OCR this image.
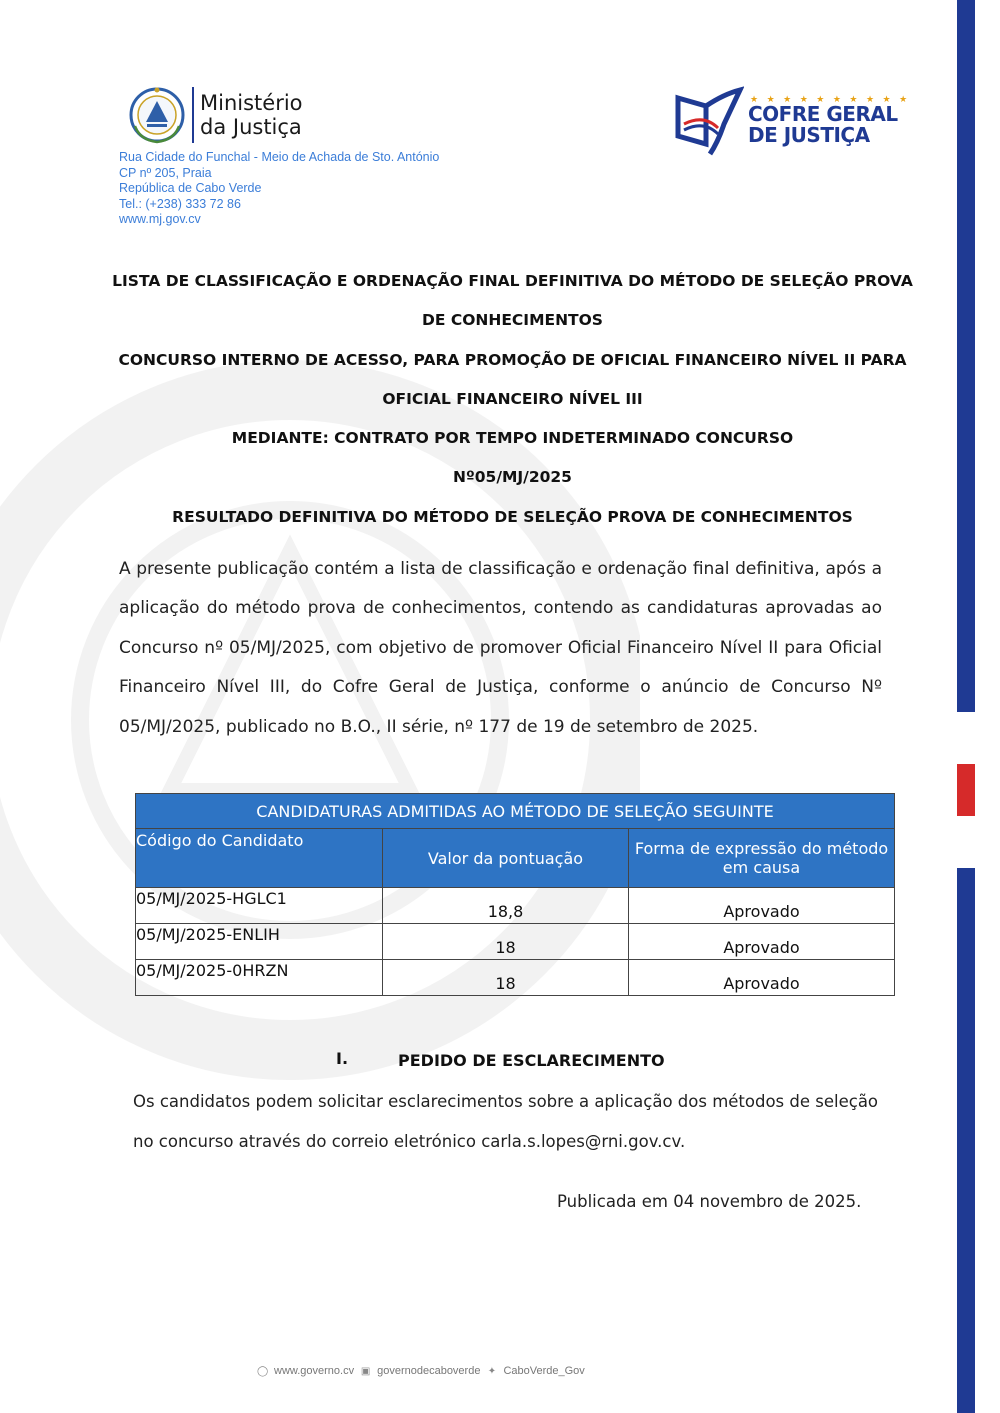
Ministério
da Justiça
Rua Cidade do Funchal - Meio de Achada de Sto. António
CP nº 205, Praia
República de Cabo Verde
Tel.: (+238) 333 72 86
www.mj.gov.cv
★ ★ ★ ★ ★ ★ ★ ★ ★ ★
COFRE GERAL
DE JUSTIÇA
LISTA DE CLASSIFICAÇÃO E ORDENAÇÃO FINAL DEFINITIVA DO MÉTODO DE SELEÇÃO PROVA
DE CONHECIMENTOS
CONCURSO INTERNO DE ACESSO, PARA PROMOÇÃO DE OFICIAL FINANCEIRO NÍVEL II PARA
OFICIAL FINANCEIRO NÍVEL III
MEDIANTE: CONTRATO POR TEMPO INDETERMINADO CONCURSO
Nº05/MJ/2025
RESULTADO DEFINITIVA DO MÉTODO DE SELEÇÃO PROVA DE CONHECIMENTOS
A presente publicação contém a lista de classificação e ordenação final definitiva, após a aplicação do método prova de conhecimentos, contendo as candidaturas aprovadas ao Concurso nº 05/MJ/2025, com objetivo de promover Oficial Financeiro Nível II para Oficial Financeiro Nível III, do Cofre Geral de Justiça, conforme o anúncio de Concurso Nº 05/MJ/2025, publicado no B.O., II série, nº 177 de 19 de setembro de 2025.
CANDIDATURAS ADMITIDAS AO MÉTODO DE SELEÇÃO SEGUINTE		
Código do Candidato	Valor da pontuação	Forma de expressão do método em causa
05/MJ/2025-HGLC1	18,8	Aprovado
05/MJ/2025-ENLIH	18	Aprovado
05/MJ/2025-0HRZN	18	Aprovado
I.	PEDIDO DE ESCLARECIMENTO
Os candidatos podem solicitar esclarecimentos sobre a aplicação dos métodos de seleção no concurso através do correio eletrónico carla.s.lopes@rni.gov.cv.
Publicada em 04 novembro de 2025.
◯ www.governo.cv ▣ governodecaboverde ✦ CaboVerde_Gov
